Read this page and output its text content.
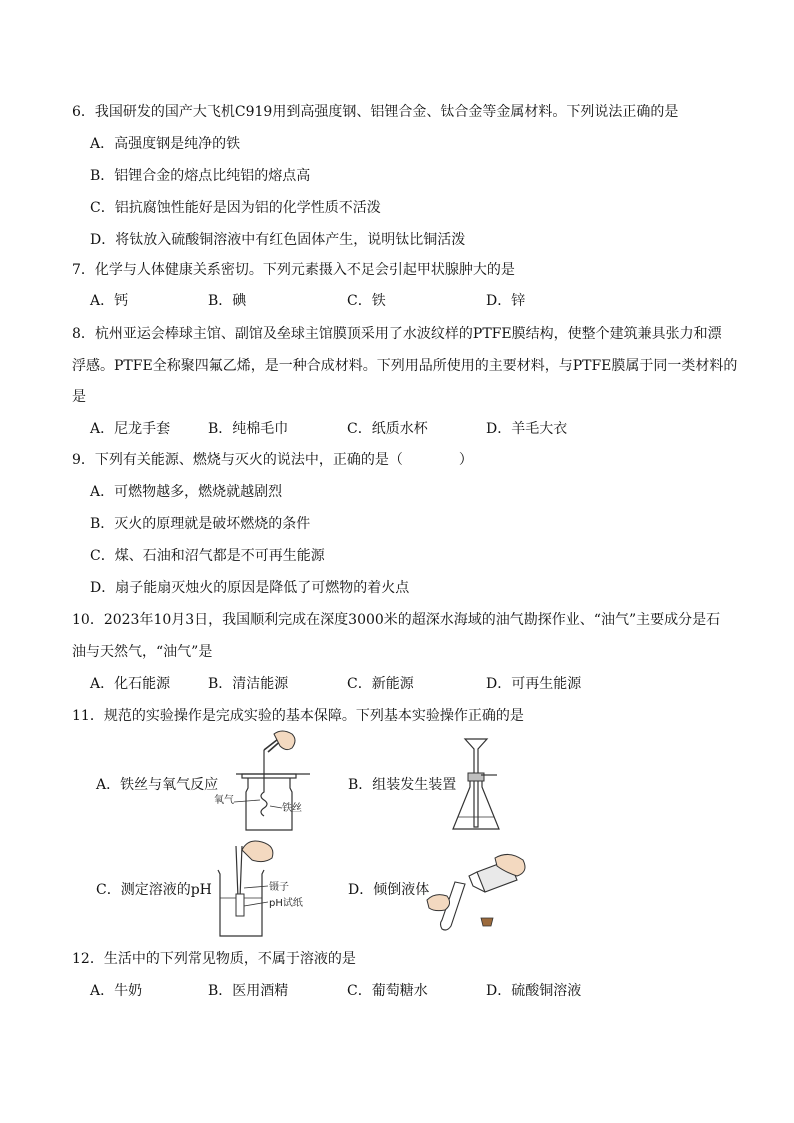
6．我国研发的国产大飞机C919用到高强度钢、铝锂合金、钛合金等金属材料。下列说法正确的是
A．高强度钢是纯净的铁
B．铝锂合金的熔点比纯铝的熔点高
C．铝抗腐蚀性能好是因为铝的化学性质不活泼
D．将钛放入硫酸铜溶液中有红色固体产生，说明钛比铜活泼
7．化学与人体健康关系密切。下列元素摄入不足会引起甲状腺肿大的是
A．钙	B．碘	C．铁	D．锌
8．杭州亚运会棒球主馆、副馆及垒球主馆膜顶采用了水波纹样的PTFE膜结构，使整个建筑兼具张力和漂
浮感。PTFE全称聚四氟乙烯，是一种合成材料。下列用品所使用的主要材料，与PTFE膜属于同一类材料的
是
A．尼龙手套	B．纯棉毛巾	C．纸质水杯	D．羊毛大衣
9．下列有关能源、燃烧与灭火的说法中，正确的是（　　　　）
A．可燃物越多，燃烧就越剧烈
B．灭火的原理就是破坏燃烧的条件
C．煤、石油和沼气都是不可再生能源
D．扇子能扇灭烛火的原因是降低了可燃物的着火点
10．2023年10月3日，我国顺利完成在深度3000米的超深水海域的油气勘探作业、“油气”主要成分是石
油与天然气，“油气”是
A．化石能源	B．清洁能源	C．新能源	D．可再生能源
11．规范的实验操作是完成实验的基本保障。下列基本实验操作正确的是
A．铁丝与氧气反应
氧气
铁丝
B．组装发生装置
C．测定溶液的pH	镊子
pH试纸
D．倾倒液体
12．生活中的下列常见物质，不属于溶液的是
A．牛奶	B．医用酒精	C．葡萄糖水	D．硫酸铜溶液
